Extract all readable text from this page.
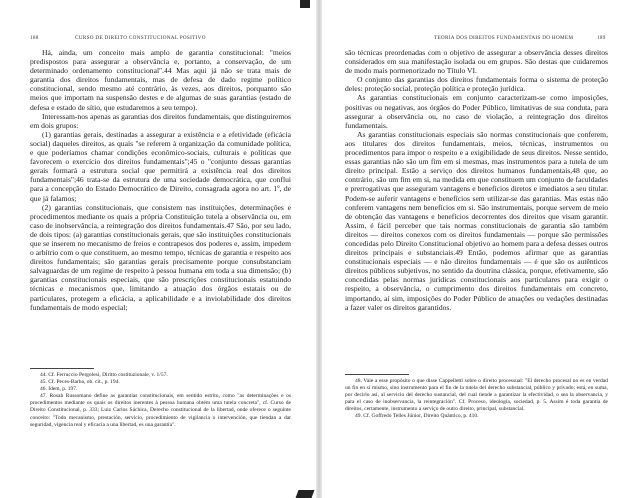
188	CURSO DE DIREITO CONSTITUCIONAL POSITIVO

Há, ainda, um conceito mais amplo de garantia constitucional: "meios predispostos para assegurar a observância e, portanto, a conservação, de um determinado ordenamento constitucional".44 Mas aqui já não se trata mais de garantia dos direitos fundamentais, mas de defesa de dado regime político constitucional, sendo mesmo até contrário, às vezes, aos direitos, porquanto são meios que importam na suspensão destes e de algumas de suas garantias (estado de defesa e estado de sítio, que estudaremos a seu tempo).

Interessam-nos apenas as garantias dos direitos fundamentais, que distinguiremos em dois grupos:

(1) garantias gerais, destinadas a assegurar a existência e a efetividade (eficácia social) daqueles direitos, as quais "se referem à organização da comunidade política, e que poderíamos chamar condições econômico-sociais, culturais e políticas que favorecem o exercício dos direitos fundamentais";45 o "conjunto dessas garantias gerais formará a estrutura social que permitirá a existência real dos direitos fundamentais";46 trata-se da estrutura de uma sociedade democrática, que conflui para a concepção do Estado Democrático de Direito, consagrada agora no art. 1º, de que já falamos;

(2) garantias constitucionais, que consistem nas instituições, determinações e procedimentos mediante os quais a própria Constituição tutela a observância ou, em caso de inobservância, a reintegração dos direitos fundamentais.47 São, por seu lado, de dois tipos: (a) garantias constitucionais gerais, que são instituições constitucionais que se inserem no mecanismo de freios e contrapesos dos poderes e, assim, impedem o arbítrio com o que constituem, ao mesmo tempo, técnicas de garantia e respeito aos direitos fundamentais; são garantias gerais precisamente porque consubstanciam salvaguardas de um regime de respeito à pessoa humana em toda a sua dimensão; (b) garantias constitucionais especiais, que são prescrições constitucionais estatuindo técnicas e mecanismos que, limitando a atuação dos órgãos estatais ou de particulares, protegem a eficácia, a aplicabilidade e a inviolabilidade dos direitos fundamentais de modo especial;

44. Cf. Ferruccio Pergolesi, Diritto costituzionale, v. 1/57.

45. Cf. Peces-Barba, ob. cit., p. 194.

46. Idem, p. 197.

47. Rosah Russomano define as garantias constitucionais, em sentido estrito, como "as determinações e os procedimentos mediante os quais os direitos inerentes à pessoa humana obtém uma tutela concreta", cf. Curso de Direito Constitucional, p. 333; Luiz Carlos Sáchica, Derecho constitucional de la libertad, onde oferece o seguinte conceito: "Todo mecanismo, prestación, servicio, procedimiento de vigilancia o intervención, que tiendan a dar seguridad, vigencia real y eficacia a una libertad, es una garantía".

TEORIA DOS DIREITOS FUNDAMENTAIS DO HOMEM	189

são técnicas preordenadas com o objetivo de assegurar a observância desses direitos considerados em sua manifestação isolada ou em grupos. São destas que cuidaremos de modo mais pormenorizado no Título VI.

O conjunto das garantias dos direitos fundamentais forma o sistema de proteção deles: proteção social, proteção política e proteção jurídica.

As garantias constitucionais em conjunto caracterizam-se como imposições, positivas ou negativas, aos órgãos do Poder Público, limitativas de sua conduta, para assegurar a observância ou, no caso de violação, a reintegração dos direitos fundamentais.

As garantias constitucionais especiais são normas constitucionais que conferem, aos titulares dos direitos fundamentais, meios, técnicas, instrumentos ou procedimentos para impor o respeito e a exigibilidade de seus direitos. Nesse sentido, essas garantias não são um fim em si mesmas, mas instrumentos para a tutela de um direito principal. Estão a serviço dos direitos humanos fundamentais,48 que, ao contrário, são um fim em si, na medida em que constituem um conjunto de faculdades e prerrogativas que asseguram vantagens e benefícios diretos e imediatos a seu titular. Podem-se auferir vantagens e benefícios sem utilizar-se das garantias. Mas estas não conferem vantagens nem benefícios em si. São instrumentais, porque servem de meio de obtenção das vantagens e benefícios decorrentes dos direitos que visam garantir. Assim, é fácil perceber que tais normas constitucionais de garantia são também direitos — direitos conexos com os direitos fundamentais — porque são permissões concedidas pelo Direito Constitucional objetivo ao homem para a defesa desses outros direitos principais e substanciais.49 Então, podemos afirmar que as garantias constitucionais especiais — e não direitos fundamentais — é que são os autênticos direitos públicos subjetivos, no sentido da doutrina clássica, porque, efetivamente, são concedidas pelas normas jurídicas constitucionais aos particulares para exigir o respeito, a observância, o cumprimento dos direitos fundamentais em concreto, importando, aí sim, imposições do Poder Público de atuações ou vedações destinadas a fazer valer os direitos garantidos.

48. Vale a esse propósito o que disse Cappelletti sobre o direito processual: "El derecho procesal no es en verdad un fin en sí mismo, sino instrumento para el fin de la tutela del derecho substancial, público y privado; está, en suma, por decirlo así, al servicio del derecho sustancial, del cual tiende a garantizar la efectividad, o sea la observancia, y para el caso de inobservancia, la reintegración". Cf. Proceso, ideología, sociedad, p. 5. Assim é toda garantia de direitos, certamente, instrumento a serviço de outro direito, principal, substancial.

49. Cf. Goffredo Telles Júnior, Direito Quântico, p. 410.
